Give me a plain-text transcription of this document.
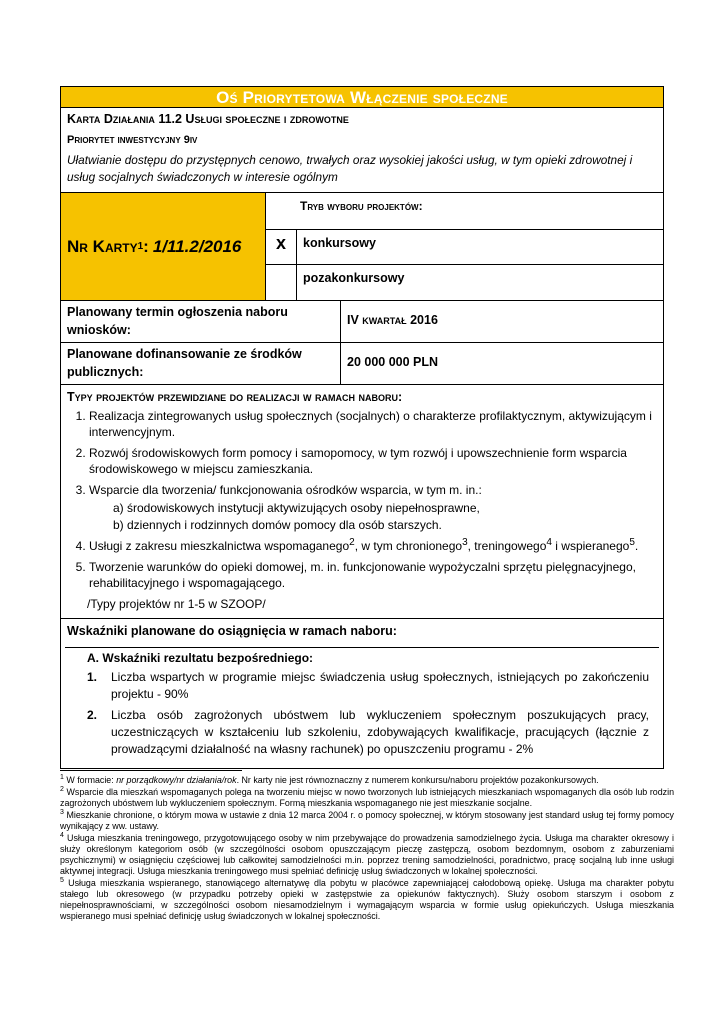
Oś Priorytetowa Włączenie społeczne
Karta Działania 11.2 Usługi społeczne i zdrowotne
Priorytet inwestycyjny 9iv
Ułatwianie dostępu do przystępnych cenowo, trwałych oraz wysokiej jakości usług, w tym opieki zdrowotnej i usług socjalnych świadczonych w interesie ogólnym
Nr Karty 1 : 1/11.2/2016
Tryb wyboru projektów:
x	konkursowy
pozakonkursowy
Planowany termin ogłoszenia naboru wniosków:
IV kwartał 2016
Planowane dofinansowanie ze środków publicznych:
20 000 000 PLN
Typy projektów przewidziane do realizacji w ramach naboru:
1. Realizacja zintegrowanych usług społecznych (socjalnych) o charakterze profilaktycznym, aktywizującym i interwencyjnym.
2. Rozwój środowiskowych form pomocy i samopomocy, w tym rozwój i upowszechnienie form wsparcia środowiskowego w miejscu zamieszkania.
3. Wsparcie dla tworzenia/ funkcjonowania ośrodków wsparcia, w tym m. in.:
a) środowiskowych instytucji aktywizujących osoby niepełnosprawne,
b) dziennych i rodzinnych domów pomocy dla osób starszych.
4. Usługi z zakresu mieszkalnictwa wspomaganego$^2$, w tym chronionego$^3$, treningowego$^4$ i wspieranego$^5$.
5. Tworzenie warunków do opieki domowej, m. in. funkcjonowanie wypożyczalni sprzętu pielęgnacyjnego, rehabilitacyjnego i wspomagającego.
/Typy projektów nr 1-5 w SZOOP/
Wskaźniki planowane do osiągnięcia w ramach naboru:
A. Wskaźniki rezultatu bezpośredniego:
1.	Liczba wspartych w programie miejsc świadczenia usług społecznych, istniejących po zakończeniu projektu - 90%
2.	Liczba osób zagrożonych ubóstwem lub wykluczeniem społecznym poszukujących pracy, uczestniczących w kształceniu lub szkoleniu, zdobywających kwalifikacje, pracujących (łącznie z prowadzącymi działalność na własny rachunek) po opuszczeniu programu - 2%

$^1$ W formacie: nr porządkowy/nr działania/rok. Nr karty nie jest równoznaczny z numerem konkursu/naboru projektów pozakonkursowych.

$^2$ Wsparcie dla mieszkań wspomaganych polega na tworzeniu miejsc w nowo tworzonych lub istniejących mieszkaniach wspomaganych dla osób lub rodzin zagrożonych ubóstwem lub wykluczeniem społecznym. Formą mieszkania wspomaganego nie jest mieszkanie socjalne.

$^3$ Mieszkanie chronione, o którym mowa w ustawie z dnia 12 marca 2004 r. o pomocy społecznej, w którym stosowany jest standard usług tej formy pomocy wynikający z ww. ustawy.

$^4$ Usługa mieszkania treningowego, przygotowującego osoby w nim przebywające do prowadzenia samodzielnego życia. Usługa ma charakter okresowy i służy określonym kategoriom osób (w szczególności osobom opuszczającym pieczę zastępczą, osobom bezdomnym, osobom z zaburzeniami psychicznymi) w osiągnięciu częściowej lub całkowitej samodzielności m.in. poprzez trening samodzielności, poradnictwo, pracę socjalną lub inne usługi aktywnej integracji. Usługa mieszkania treningowego musi spełniać definicję usług świadczonych w lokalnej społeczności.

$^5$ Usługa mieszkania wspieranego, stanowiącego alternatywę dla pobytu w placówce zapewniającej całodobową opiekę. Usługa ma charakter pobytu stałego lub okresowego (w przypadku potrzeby opieki w zastępstwie za opiekunów faktycznych). Służy osobom starszym i osobom z niepełnosprawnościami, w szczególności osobom niesamodzielnym i wymagającym wsparcia w formie usług opiekuńczych. Usługa mieszkania wspieranego musi spełniać definicję usług świadczonych w lokalnej społeczności.
